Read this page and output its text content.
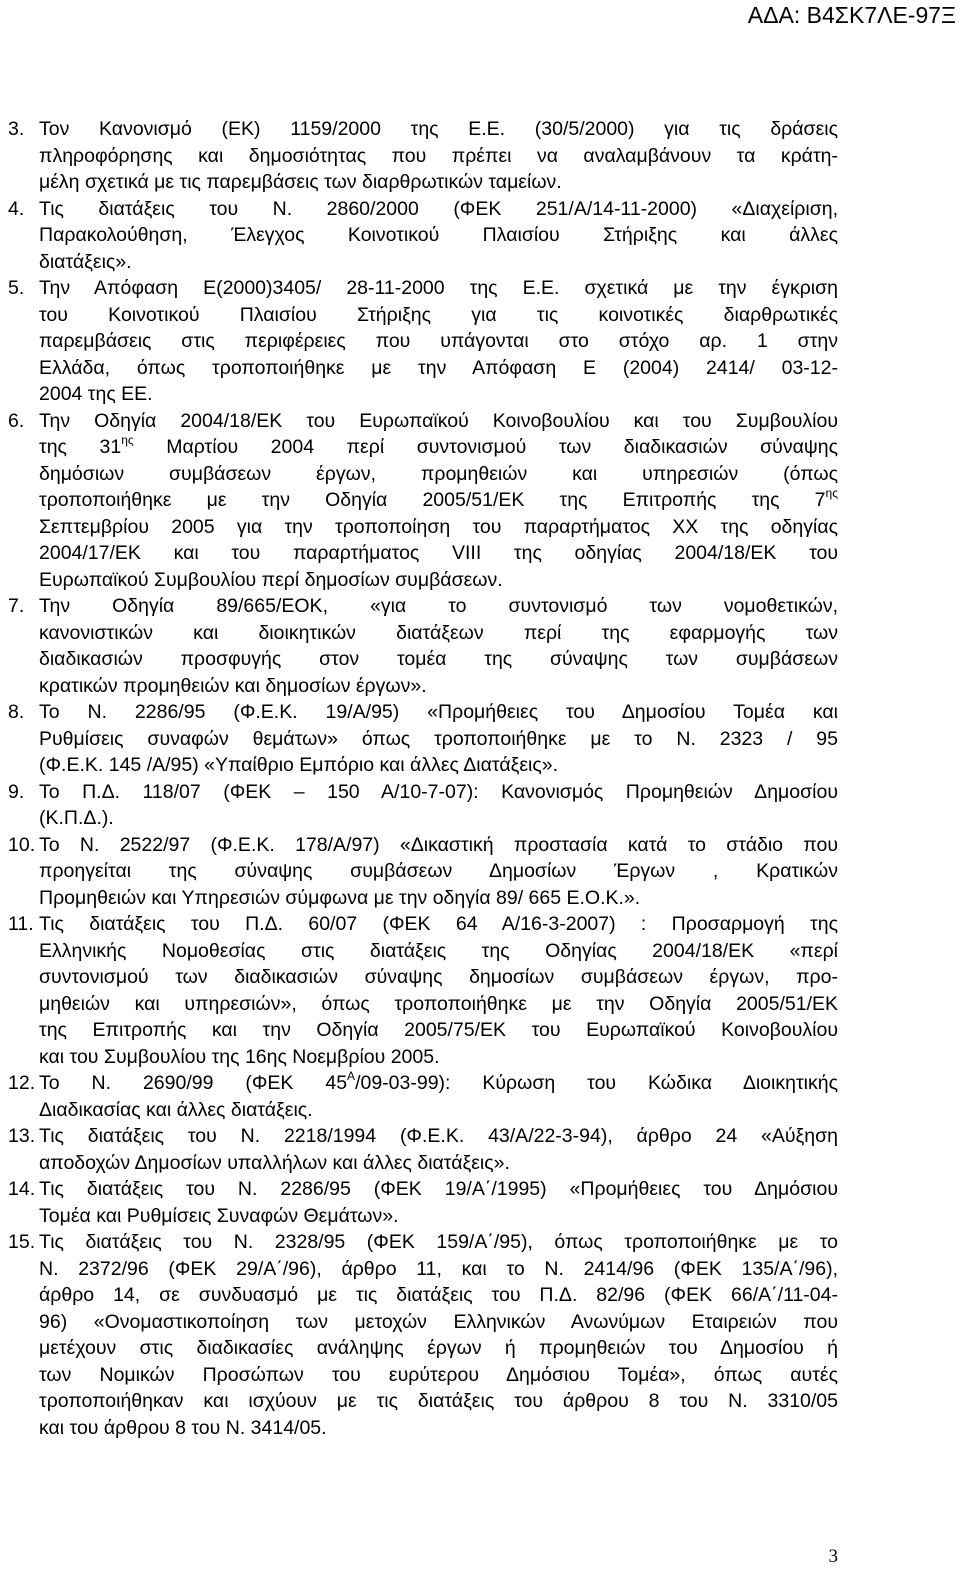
ΑΔΑ: Β4ΣΚ7ΛΕ-97Ξ
3. Τον Κανονισμό (ΕΚ) 1159/2000 της Ε.Ε. (30/5/2000) για τις δράσεις
πληροφόρησης και δημοσιότητας που πρέπει να αναλαμβάνουν τα κράτη-
μέλη σχετικά με τις παρεμβάσεις των διαρθρωτικών ταμείων.
4. Τις διατάξεις του Ν. 2860/2000 (ΦΕΚ 251/Α/14-11-2000) «Διαχείριση,
Παρακολούθηση, Έλεγχος Κοινοτικού Πλαισίου Στήριξης και άλλες
διατάξεις».
5. Την Απόφαση Ε(2000)3405/ 28-11-2000 της Ε.Ε. σχετικά με την έγκριση
του Κοινοτικού Πλαισίου Στήριξης για τις κοινοτικές διαρθρωτικές
παρεμβάσεις στις περιφέρειες που υπάγονται στο στόχο αρ. 1 στην
Ελλάδα, όπως τροποποιήθηκε με την Απόφαση Ε (2004) 2414/ 03-12-
2004 της ΕΕ.
6. Την Οδηγία 2004/18/ΕΚ του Ευρωπαϊκού Κοινοβουλίου και του Συμβουλίου
της $31^{\eta\varsigma}$ Μαρτίου 2004 περί συντονισμού των διαδικασιών σύναψης
δημόσιων συμβάσεων έργων, προμηθειών και υπηρεσιών (όπως
τροποποιήθηκε με την Οδηγία 2005/51/ΕΚ της Επιτροπής της $7^{\eta\varsigma}$
Σεπτεμβρίου 2005 για την τροποποίηση του παραρτήματος XX της οδηγίας
2004/17/ΕΚ και του παραρτήματος VIII της οδηγίας 2004/18/ΕΚ του
Ευρωπαϊκού Συμβουλίου περί δημοσίων συμβάσεων.
7. Την Οδηγία 89/665/ΕΟΚ, «για το συντονισμό των νομοθετικών,
κανονιστικών και διοικητικών διατάξεων περί της εφαρμογής των
διαδικασιών προσφυγής στον τομέα της σύναψης των συμβάσεων
κρατικών προμηθειών και δημοσίων έργων».
8. Το Ν. 2286/95 (Φ.Ε.Κ. 19/Α/95) «Προμήθειες του Δημοσίου Τομέα και
Ρυθμίσεις συναφών θεμάτων» όπως τροποποιήθηκε με το Ν. 2323 / 95
(Φ.Ε.Κ. 145 /Α/95) «Υπαίθριο Εμπόριο και άλλες Διατάξεις».
9. Το Π.Δ. 118/07 (ΦΕΚ – 150 Α/10-7-07): Κανονισμός Προμηθειών Δημοσίου
(Κ.Π.Δ.).
10. Το Ν. 2522/97 (Φ.Ε.Κ. 178/Α/97) «Δικαστική προστασία κατά το στάδιο που
προηγείται της σύναψης συμβάσεων Δημοσίων Έργων , Κρατικών
Προμηθειών και Υπηρεσιών σύμφωνα με την οδηγία 89/ 665 Ε.Ο.Κ.».
11. Τις διατάξεις του Π.Δ. 60/07 (ΦΕΚ 64 Α/16-3-2007) : Προσαρμογή της
Ελληνικής Νομοθεσίας στις διατάξεις της Οδηγίας 2004/18/ΕΚ «περί
συντονισμού των διαδικασιών σύναψης δημοσίων συμβάσεων έργων, προ-
μηθειών και υπηρεσιών», όπως τροποποιήθηκε με την Οδηγία 2005/51/ΕΚ
της Επιτροπής και την Οδηγία 2005/75/ΕΚ του Ευρωπαϊκού Κοινοβουλίου
και του Συμβουλίου της 16ης Νοεμβρίου 2005.
12. Το Ν. 2690/99 (ΦΕΚ $45^A/09-03-99$): Κύρωση του Κώδικα Διοικητικής
Διαδικασίας και άλλες διατάξεις.
13. Τις διατάξεις του Ν. 2218/1994 (Φ.Ε.Κ. 43/Α/22-3-94), άρθρο 24 «Αύξηση
αποδοχών Δημοσίων υπαλλήλων και άλλες διατάξεις».
14. Τις διατάξεις του Ν. 2286/95 (ΦΕΚ 19/Α΄/1995) «Προμήθειες του Δημόσιου
Τομέα και Ρυθμίσεις Συναφών Θεμάτων».
15. Τις διατάξεις του Ν. 2328/95 (ΦΕΚ 159/Α΄/95), όπως τροποποιήθηκε με το
Ν. 2372/96 (ΦΕΚ 29/Α΄/96), άρθρο 11, και το Ν. 2414/96 (ΦΕΚ 135/Α΄/96),
άρθρο 14, σε συνδυασμό με τις διατάξεις του Π.Δ. 82/96 (ΦΕΚ 66/Α΄/11-04-
96) «Ονομαστικοποίηση των μετοχών Ελληνικών Ανωνύμων Εταιρειών που
μετέχουν στις διαδικασίες ανάληψης έργων ή προμηθειών του Δημοσίου ή
των Νομικών Προσώπων του ευρύτερου Δημόσιου Τομέα», όπως αυτές
τροποποιήθηκαν και ισχύουν με τις διατάξεις του άρθρου 8 του Ν. 3310/05
και του άρθρου 8 του Ν. 3414/05.
3
